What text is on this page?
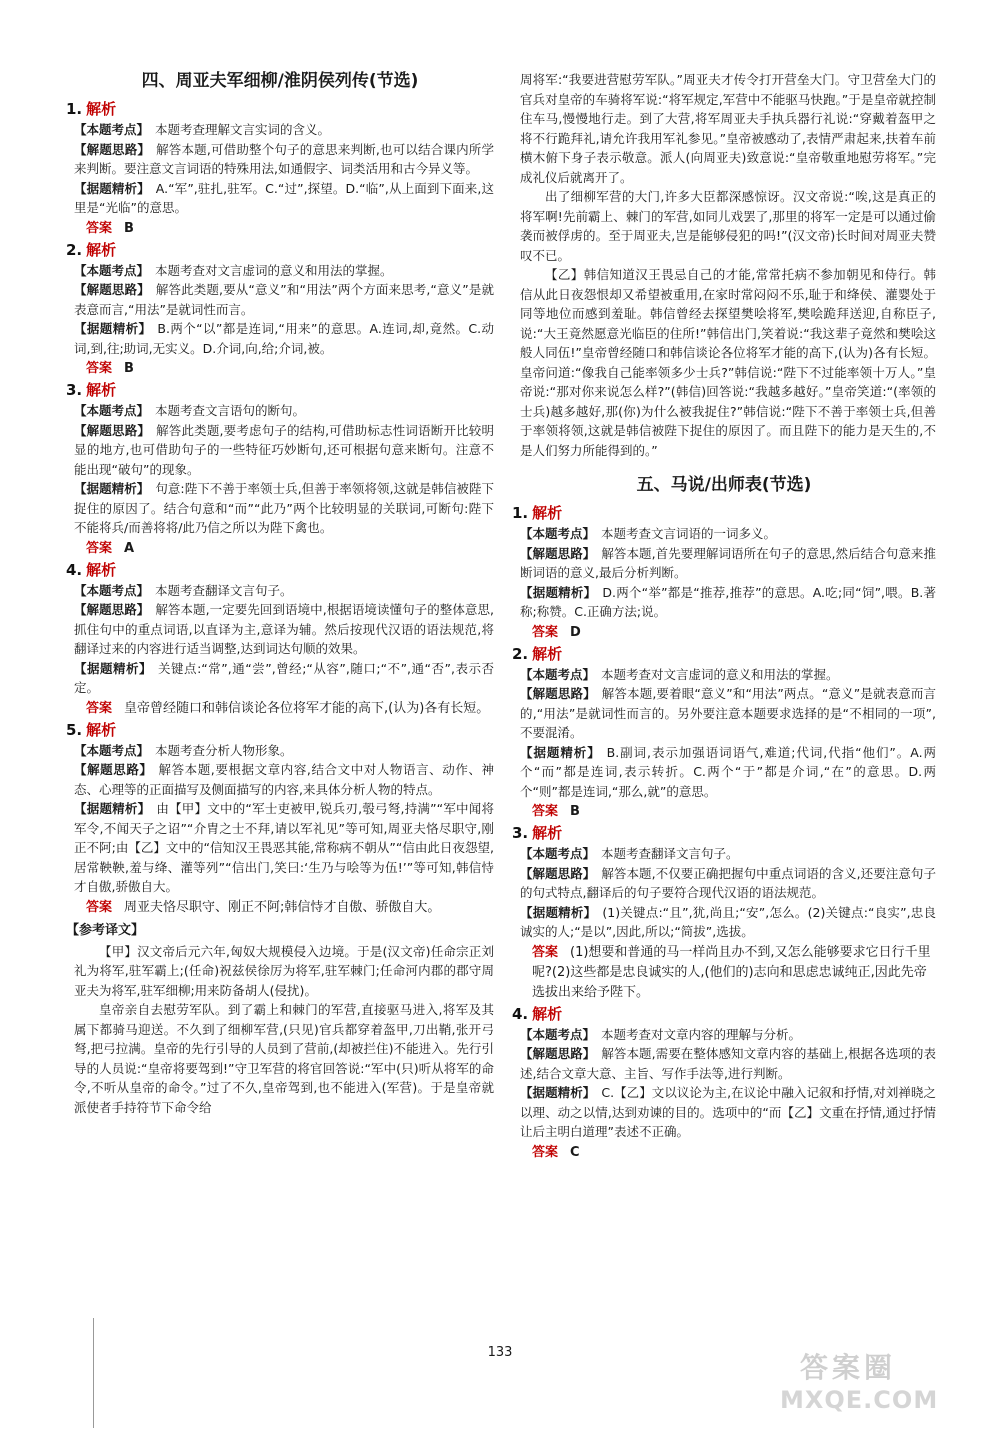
四、周亚夫军细柳/淮阴侯列传(节选)
1. 解析
【本题考点】 本题考查理解文言实词的含义。
【解题思路】 解答本题,可借助整个句子的意思来判断,也可以结合课内所学来判断。要注意文言词语的特殊用法,如通假字、词类活用和古今异义等。
【据题精析】 A.“军”,驻扎,驻军。C.“过”,探望。D.“临”,从上面到下面来,这里是“光临”的意思。
答案 B
2. 解析
【本题考点】 本题考查对文言虚词的意义和用法的掌握。
【解题思路】 解答此类题,要从“意义”和“用法”两个方面来思考,“意义”是就表意而言,“用法”是就词性而言。
【据题精析】 B.两个“以”都是连词,“用来”的意思。A.连词,却,竟然。C.动词,到,往;助词,无实义。D.介词,向,给;介词,被。
答案 B
3. 解析
【本题考点】 本题考查文言语句的断句。
【解题思路】 解答此类题,要考虑句子的结构,可借助标志性词语断开比较明显的地方,也可借助句子的一些特征巧妙断句,还可根据句意来断句。注意不能出现“破句”的现象。
【据题精析】 句意:陛下不善于率领士兵,但善于率领将领,这就是韩信被陛下捉住的原因了。结合句意和“而”“此乃”两个比较明显的关联词,可断句:陛下不能将兵/而善将将/此乃信之所以为陛下禽也。
答案 A
4. 解析
【本题考点】 本题考查翻译文言句子。
【解题思路】 解答本题,一定要先回到语境中,根据语境读懂句子的整体意思,抓住句中的重点词语,以直译为主,意译为辅。然后按现代汉语的语法规范,将翻译过来的内容进行适当调整,达到词达句顺的效果。
【据题精析】 关键点:“常”,通“尝”,曾经;“从容”,随口;“不”,通“否”,表示否定。
答案 皇帝曾经随口和韩信谈论各位将军才能的高下,(认为)各有长短。
5. 解析
【本题考点】 本题考查分析人物形象。
【解题思路】 解答本题,要根据文章内容,结合文中对人物语言、动作、神态、心理等的正面描写及侧面描写的内容,来具体分析人物的特点。
【据题精析】 由【甲】文中的“军士吏被甲,锐兵刃,彀弓弩,持满”“军中闻将军令,不闻天子之诏”“介胄之士不拜,请以军礼见”等可知,周亚夫恪尽职守,刚正不阿;由【乙】文中的“信知汉王畏恶其能,常称病不朝从”“信由此日夜怨望,居常鞅鞅,羞与绛、灌等列”“信出门,笑曰:‘生乃与哙等为伍!’”等可知,韩信恃才自傲,骄傲自大。
答案 周亚夫恪尽职守、刚正不阿;韩信恃才自傲、骄傲自大。
【参考译文】
【甲】汉文帝后元六年,匈奴大规模侵入边境。于是(汉文帝)任命宗正刘礼为将军,驻军霸上;(任命)祝兹侯徐厉为将军,驻军棘门;任命河内郡的郡守周亚夫为将军,驻军细柳;用来防备胡人(侵扰)。
皇帝亲自去慰劳军队。到了霸上和棘门的军营,直接驱马进入,将军及其属下都骑马迎送。不久到了细柳军营,(只见)官兵都穿着盔甲,刀出鞘,张开弓弩,把弓拉满。皇帝的先行引导的人员到了营前,(却被拦住)不能进入。先行引导的人员说:“皇帝将要驾到!”守卫军营的将官回答说:“军中(只)听从将军的命令,不听从皇帝的命令。”过了不久,皇帝驾到,也不能进入(军营)。于是皇帝就派使者手持符节下命令给
周将军:“我要进营慰劳军队。”周亚夫才传令打开营垒大门。守卫营垒大门的官兵对皇帝的车骑将军说:“将军规定,军营中不能驱马快跑。”于是皇帝就控制住车马,慢慢地行走。到了大营,将军周亚夫手执兵器行礼说:“穿戴着盔甲之将不行跪拜礼,请允许我用军礼参见。”皇帝被感动了,表情严肃起来,扶着车前横木俯下身子表示敬意。派人(向周亚夫)致意说:“皇帝敬重地慰劳将军。”完成礼仪后就离开了。
出了细柳军营的大门,许多大臣都深感惊讶。汉文帝说:“唉,这是真正的将军啊!先前霸上、棘门的军营,如同儿戏罢了,那里的将军一定是可以通过偷袭而被俘虏的。至于周亚夫,岂是能够侵犯的吗!”(汉文帝)长时间对周亚夫赞叹不已。
【乙】韩信知道汉王畏忌自己的才能,常常托病不参加朝见和侍行。韩信从此日夜怨恨却又希望被重用,在家时常闷闷不乐,耻于和绛侯、灌婴处于同等地位而感到羞耻。韩信曾经去探望樊哙将军,樊哙跪拜送迎,自称臣子,说:“大王竟然愿意光临臣的住所!”韩信出门,笑着说:“我这辈子竟然和樊哙这般人同伍!”皇帝曾经随口和韩信谈论各位将军才能的高下,(认为)各有长短。皇帝问道:“像我自己能率领多少士兵?”韩信说:“陛下不过能率领十万人。”皇帝说:“那对你来说怎么样?”(韩信)回答说:“我越多越好。”皇帝笑道:“(率领的士兵)越多越好,那(你)为什么被我捉住?”韩信说:“陛下不善于率领士兵,但善于率领将领,这就是韩信被陛下捉住的原因了。而且陛下的能力是天生的,不是人们努力所能得到的。”
五、马说/出师表(节选)
1. 解析
【本题考点】 本题考查文言词语的一词多义。
【解题思路】 解答本题,首先要理解词语所在句子的意思,然后结合句意来推断词语的意义,最后分析判断。
【据题精析】 D.两个“举”都是“推荐,推荐”的意思。A.吃;同“饲”,喂。B.著称;称赞。C.正确方法;说。
答案 D
2. 解析
【本题考点】 本题考查对文言虚词的意义和用法的掌握。
【解题思路】 解答本题,要着眼“意义”和“用法”两点。“意义”是就表意而言的,“用法”是就词性而言的。另外要注意本题要求选择的是“不相同的一项”,不要混淆。
【据题精析】 B.副词,表示加强语词语气,难道;代词,代指“他们”。A.两个“而”都是连词,表示转折。C.两个“于”都是介词,“在”的意思。D.两个“则”都是连词,“那么,就”的意思。
答案 B
3. 解析
【本题考点】 本题考查翻译文言句子。
【解题思路】 解答本题,不仅要正确把握句中重点词语的含义,还要注意句子的句式特点,翻译后的句子要符合现代汉语的语法规范。
【据题精析】 (1)关键点:“且”,犹,尚且;“安”,怎么。(2)关键点:“良实”,忠良诚实的人;“是以”,因此,所以;“简拔”,选拔。
答案 (1)想要和普通的马一样尚且办不到,又怎么能够要求它日行千里呢?(2)这些都是忠良诚实的人,(他们的)志向和思虑忠诚纯正,因此先帝选拔出来给予陛下。
4. 解析
【本题考点】 本题考查对文章内容的理解与分析。
【解题思路】 解答本题,需要在整体感知文章内容的基础上,根据各选项的表述,结合文章大意、主旨、写作手法等,进行判断。
【据题精析】 C.【乙】文以议论为主,在议论中融入记叙和抒情,对刘禅晓之以理、动之以情,达到劝谏的目的。选项中的“而【乙】文重在抒情,通过抒情让后主明白道理”表述不正确。
答案 C
133	答案圈
MXQE.COM
